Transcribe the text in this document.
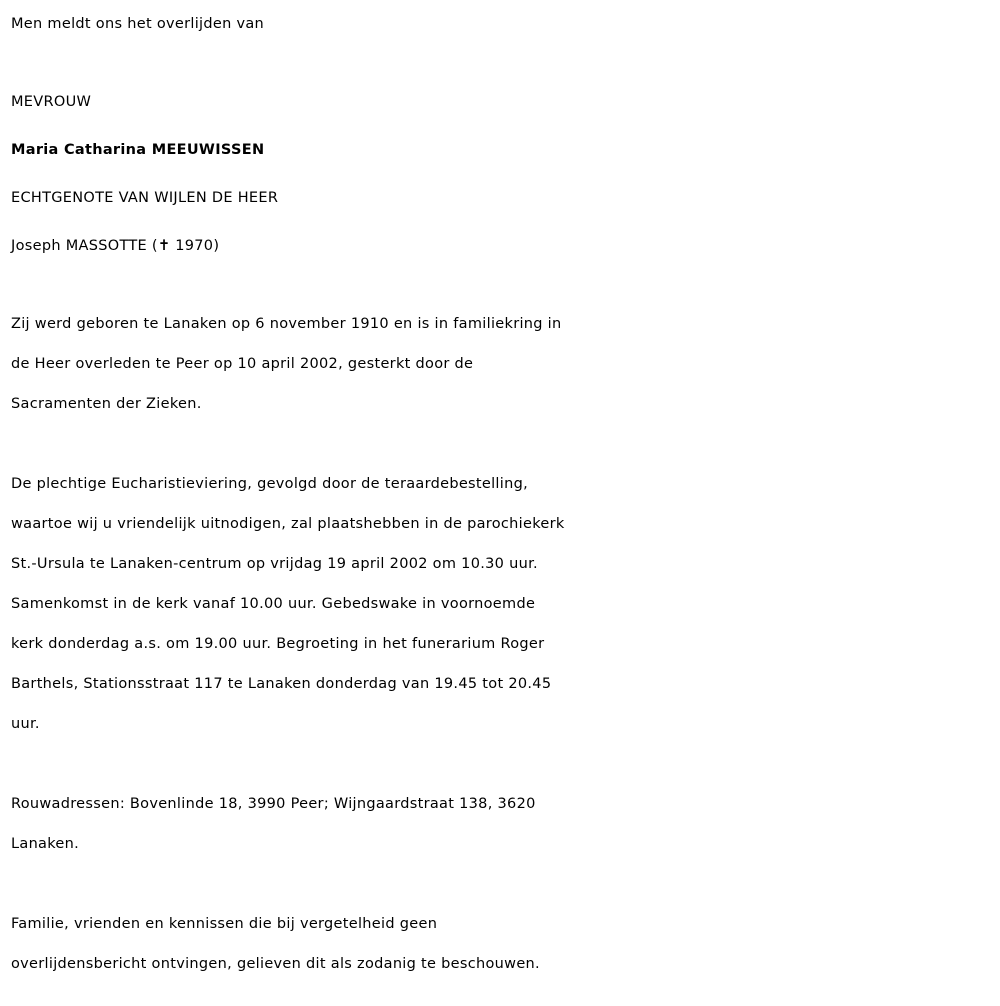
Men meldt ons het overlijden van
MEVROUW
Maria Catharina MEEUWISSEN
ECHTGENOTE VAN WIJLEN DE HEER
Joseph MASSOTTE (✝ 1970)
Zij werd geboren te Lanaken op 6 november 1910 en is in familiekring in
de Heer overleden te Peer op 10 april 2002, gesterkt door de
Sacramenten der Zieken.
De plechtige Eucharistieviering, gevolgd door de teraardebestelling,
waartoe wij u vriendelijk uitnodigen, zal plaatshebben in de parochiekerk
St.-Ursula te Lanaken-centrum op vrijdag 19 april 2002 om 10.30 uur.
Samenkomst in de kerk vanaf 10.00 uur. Gebedswake in voornoemde
kerk donderdag a.s. om 19.00 uur. Begroeting in het funerarium Roger
Barthels, Stationsstraat 117 te Lanaken donderdag van 19.45 tot 20.45
uur.
Rouwadressen: Bovenlinde 18, 3990 Peer; Wijngaardstraat 138, 3620
Lanaken.
Familie, vrienden en kennissen die bij vergetelheid geen
overlijdensbericht ontvingen, gelieven dit als zodanig te beschouwen.
